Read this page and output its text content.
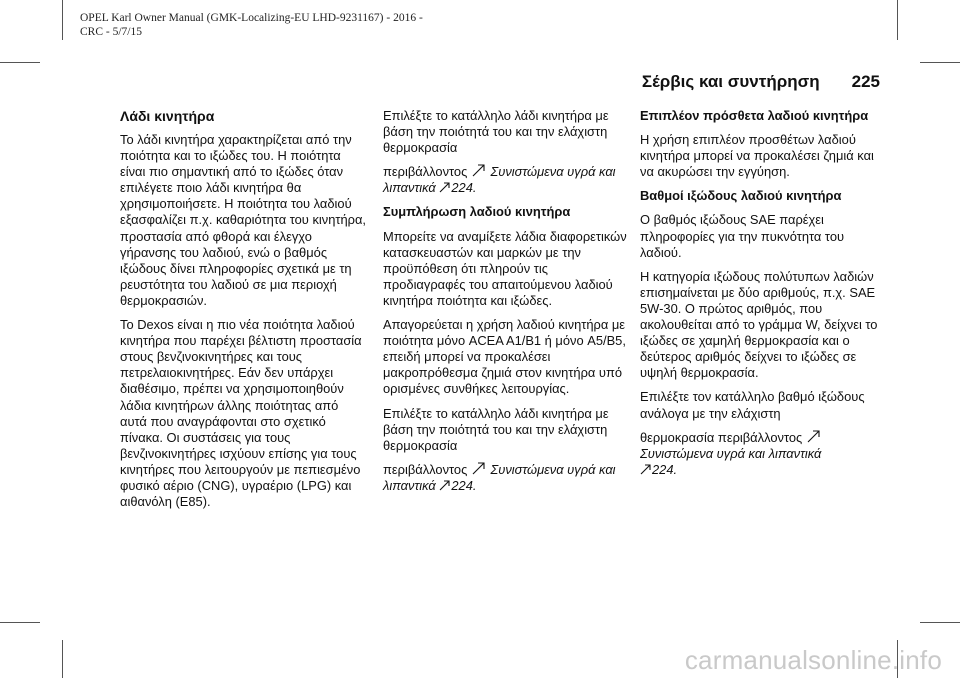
OPEL Karl Owner Manual (GMK-Localizing-EU LHD-9231167) - 2016 -
CRC - 5/7/15
Σέρβις και συντήρηση 225
Λάδι κινητήρα

Το λάδι κινητήρα χαρακτηρίζεται από την ποιότητα και το ιξώδες του. Η ποιότητα είναι πιο σημαντική από το ιξώδες όταν επιλέγετε ποιο λάδι κινητήρα θα χρησιμοποιήσετε. Η ποιότητα του λαδιού εξασφαλίζει π.χ. καθαριότητα του κινητήρα, προστασία από φθορά και έλεγχο γήρανσης του λαδιού, ενώ ο βαθμός ιξώδους δίνει πληροφορίες σχετικά με τη ρευστότητα του λαδιού σε μια περιοχή θερμοκρασιών.

Το Dexos είναι η πιο νέα ποιότητα λαδιού κινητήρα που παρέχει βέλτιστη προστασία στους βενζινοκινητήρες και τους πετρελαιοκινητήρες. Εάν δεν υπάρχει διαθέσιμο, πρέπει να χρησιμοποιηθούν λάδια κινητήρων άλλης ποιότητας από αυτά που αναγράφονται στο σχετικό πίνακα. Οι συστάσεις για τους βενζινοκινητήρες ισχύουν επίσης για τους κινητήρες που λειτουργούν με πεπιεσμένο φυσικό αέριο (CNG), υγραέριο (LPG) και αιθανόλη (E85).

Επιλέξτε το κατάλληλο λάδι κινητήρα με βάση την ποιότητά του και την ελάχιστη θερμοκρασία

περιβάλλοντος Συνιστώμενα υγρά και λιπαντικά 224.

Συμπλήρωση λαδιού κινητήρα

Μπορείτε να αναμίξετε λάδια διαφορετικών κατασκευαστών και μαρκών με την προϋπόθεση ότι πληρούν τις προδιαγραφές του απαιτούμενου λαδιού κινητήρα ποιότητα και ιξώδες.

Απαγορεύεται η χρήση λαδιού κινητήρα με ποιότητα μόνο ACEA A1/B1 ή μόνο A5/B5, επειδή μπορεί να προκαλέσει μακροπρόθεσμα ζημιά στον κινητήρα υπό ορισμένες συνθήκες λειτουργίας.

Επιλέξτε το κατάλληλο λάδι κινητήρα με βάση την ποιότητά του και την ελάχιστη θερμοκρασία

περιβάλλοντος Συνιστώμενα υγρά και λιπαντικά 224.

Επιπλέον πρόσθετα λαδιού κινητήρα

Η χρήση επιπλέον προσθέτων λαδιού κινητήρα μπορεί να προκαλέσει ζημιά και να ακυρώσει την εγγύηση.

Βαθμοί ιξώδους λαδιού κινητήρα

Ο βαθμός ιξώδους SAE παρέχει πληροφορίες για την πυκνότητα του λαδιού.

Η κατηγορία ιξώδους πολύτυπων λαδιών επισημαίνεται με δύο αριθμούς, π.χ. SAE 5W-30. Ο πρώτος αριθμός, που ακολουθείται από το γράμμα W, δείχνει το ιξώδες σε χαμηλή θερμοκρασία και ο δεύτερος αριθμός δείχνει το ιξώδες σε υψηλή θερμοκρασία.

Επιλέξτε τον κατάλληλο βαθμό ιξώδους ανάλογα με την ελάχιστη

θερμοκρασία περιβάλλοντος
Συνιστώμενα υγρά και λιπαντικά
224.

carmanualsonline.info
